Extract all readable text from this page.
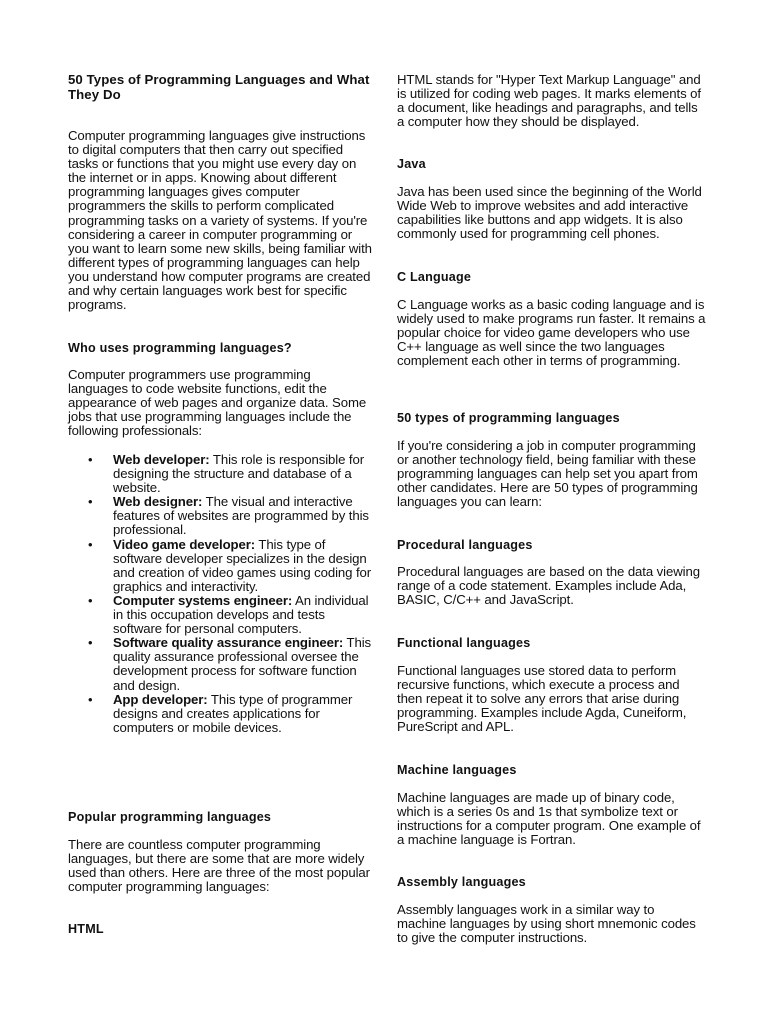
50 Types of Programming Languages and What They Do

Computer programming languages give instructions to digital computers that then carry out specified tasks or functions that you might use every day on the internet or in apps. Knowing about different programming languages gives computer programmers the skills to perform complicated programming tasks on a variety of systems. If you're considering a career in computer programming or you want to learn some new skills, being familiar with different types of programming languages can help you understand how computer programs are created and why certain languages work best for specific programs.

Who uses programming languages?

Computer programmers use programming languages to code website functions, edit the appearance of web pages and organize data. Some jobs that use programming languages include the following professionals:

• Web developer: This role is responsible for designing the structure and database of a website.
• Web designer: The visual and interactive features of websites are programmed by this professional.
• Video game developer: This type of software developer specializes in the design and creation of video games using coding for graphics and interactivity.
• Computer systems engineer: An individual in this occupation develops and tests software for personal computers.
• Software quality assurance engineer: This quality assurance professional oversee the development process for software function and design.
• App developer: This type of programmer designs and creates applications for computers or mobile devices.
Popular programming languages

There are countless computer programming languages, but there are some that are more widely used than others. Here are three of the most popular computer programming languages:

HTML

HTML stands for "Hyper Text Markup Language" and is utilized for coding web pages. It marks elements of a document, like headings and paragraphs, and tells a computer how they should be displayed.

Java

Java has been used since the beginning of the World Wide Web to improve websites and add interactive capabilities like buttons and app widgets. It is also commonly used for programming cell phones.

C Language

C Language works as a basic coding language and is widely used to make programs run faster. It remains a popular choice for video game developers who use C++ language as well since the two languages complement each other in terms of programming.

50 types of programming languages

If you're considering a job in computer programming or another technology field, being familiar with these programming languages can help set you apart from other candidates. Here are 50 types of programming languages you can learn:

Procedural languages

Procedural languages are based on the data viewing range of a code statement. Examples include Ada, BASIC, C/C++ and JavaScript.

Functional languages

Functional languages use stored data to perform recursive functions, which execute a process and then repeat it to solve any errors that arise during programming. Examples include Agda, Cuneiform, PureScript and APL.

Machine languages

Machine languages are made up of binary code, which is a series 0s and 1s that symbolize text or instructions for a computer program. One example of a machine language is Fortran.

Assembly languages

Assembly languages work in a similar way to machine languages by using short mnemonic codes to give the computer instructions.
